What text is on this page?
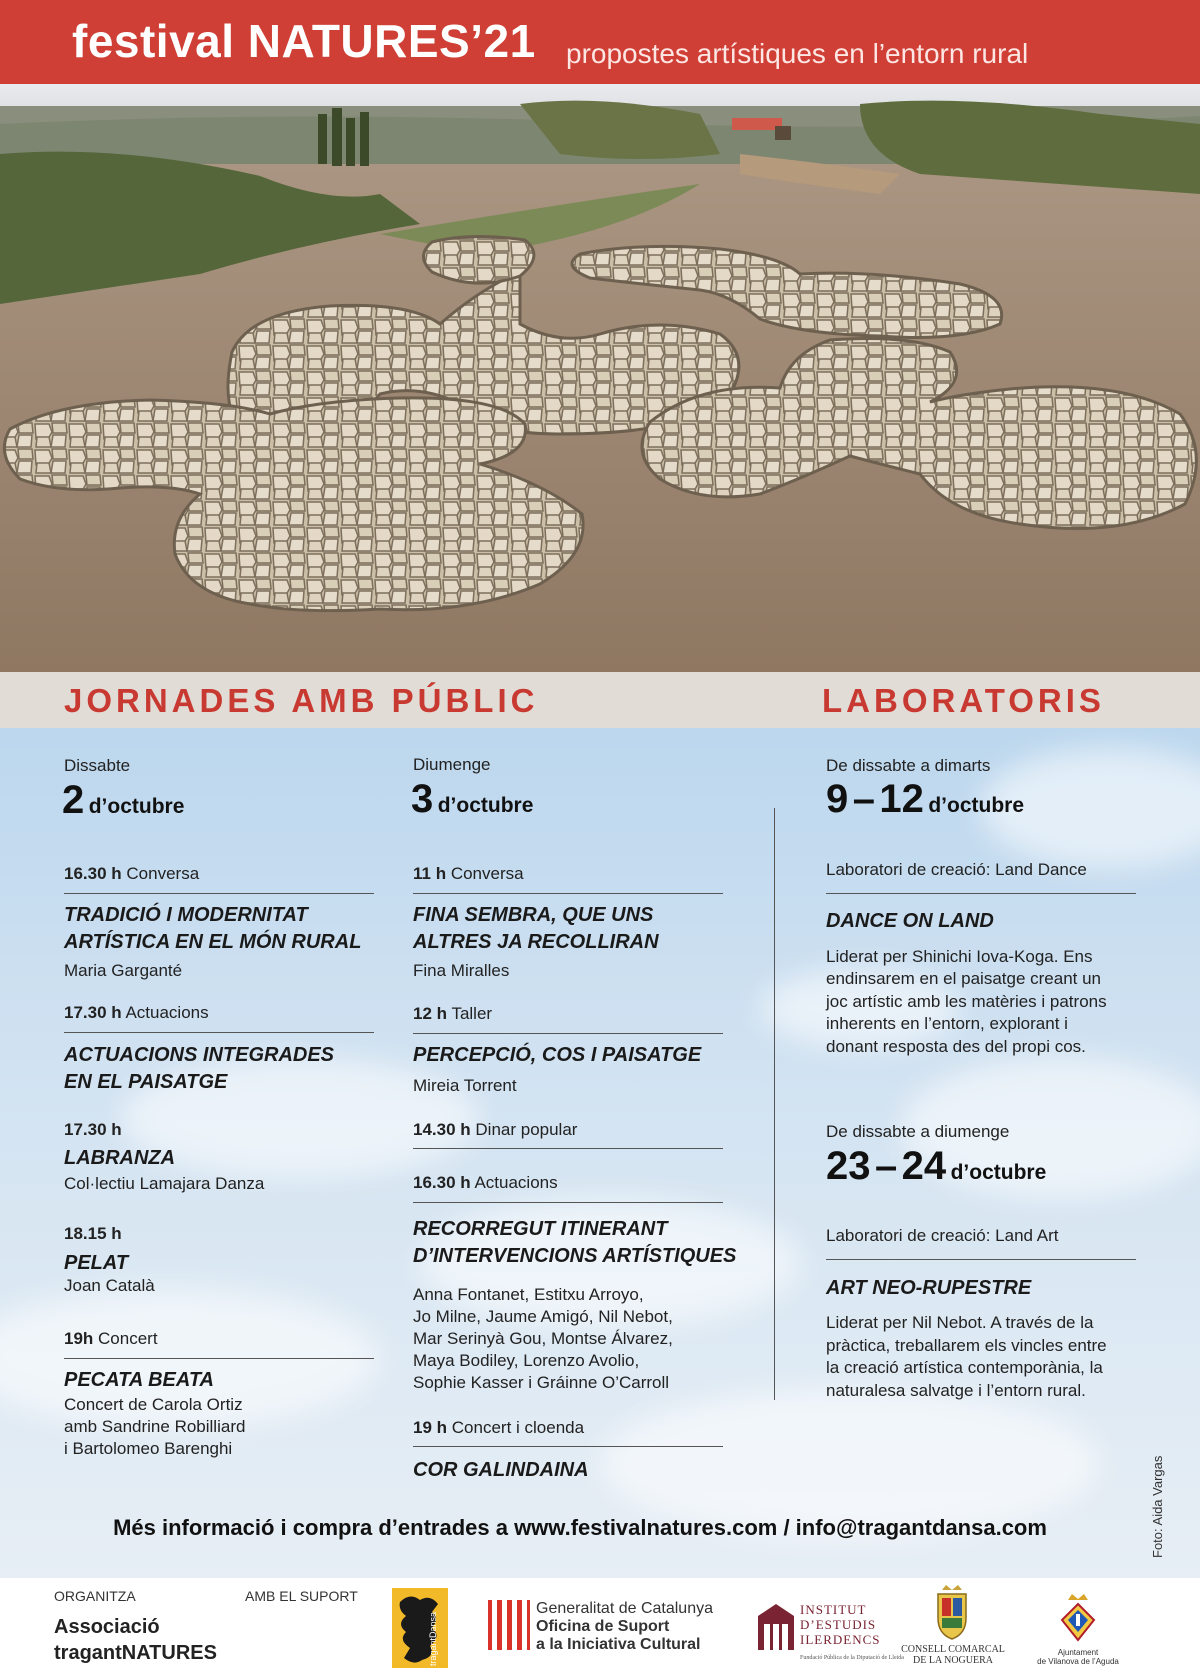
festival NATURES’21 propostes artístiques en l’entorn rural
JORNADES AMB PÚBLIC	LABORATORIS
Dissabte
2 d’octubre
16.30 h Conversa
TRADICIÓ I MODERNITAT
ARTÍSTICA EN EL MÓN RURAL
Maria Garganté
17.30 h Actuacions
ACTUACIONS INTEGRADES
EN EL PAISATGE
17.30 h
LABRANZA
Col·lectiu Lamajara Danza
18.15 h
PELAT
Joan Català
19h Concert
PECATA BEATA
Concert de Carola Ortiz
amb Sandrine Robilliard
i Bartolomeo Barenghi
Diumenge
3 d’octubre
11 h Conversa
FINA SEMBRA, QUE UNS
ALTRES JA RECOLLIRAN
Fina Miralles
12 h Taller
PERCEPCIÓ, COS I PAISATGE
Mireia Torrent
14.30 h Dinar popular
16.30 h Actuacions
RECORREGUT ITINERANT
D’INTERVENCIONS ARTÍSTIQUES
Anna Fontanet, Estitxu Arroyo,
Jo Milne, Jaume Amigó, Nil Nebot,
Mar Serinyà Gou, Montse Álvarez,
Maya Bodiley, Lorenzo Avolio,
Sophie Kasser i Gráinne O’Carroll
19 h Concert i cloenda
COR GALINDAINA
De dissabte a dimarts
9 – 12 d’octubre
Laboratori de creació: Land Dance
DANCE ON LAND
Liderat per Shinichi Iova-Koga. Ens
endinsarem en el paisatge creant un
joc artístic amb les matèries i patrons
inherents en l’entorn, explorant i
donant resposta des del propi cos.
De dissabte a diumenge
23 – 24 d’octubre
Laboratori de creació: Land Art
ART NEO-RUPESTRE
Liderat per Nil Nebot. A través de la
pràctica, treballarem els vincles entre
la creació artística contemporània, la
naturalesa salvatge i l’entorn rural.
Més informació i compra d’entrades a www.festivalnatures.com / info@tragantdansa.com	Foto: Aida Vargas
ORGANITZA
Associació
tragantNATURES
AMB EL SUPORT
tragantDansa
Generalitat de Catalunya
Oficina de Suport
a la Iniciativa Cultural
INSTITUT
D’ESTUDIS
ILERDENCS
Fundació Pública de la Diputació de Lleida
CONSELL COMARCAL
DE LA NOGUERA
Ajuntament
de Vilanova de l’Aguda
